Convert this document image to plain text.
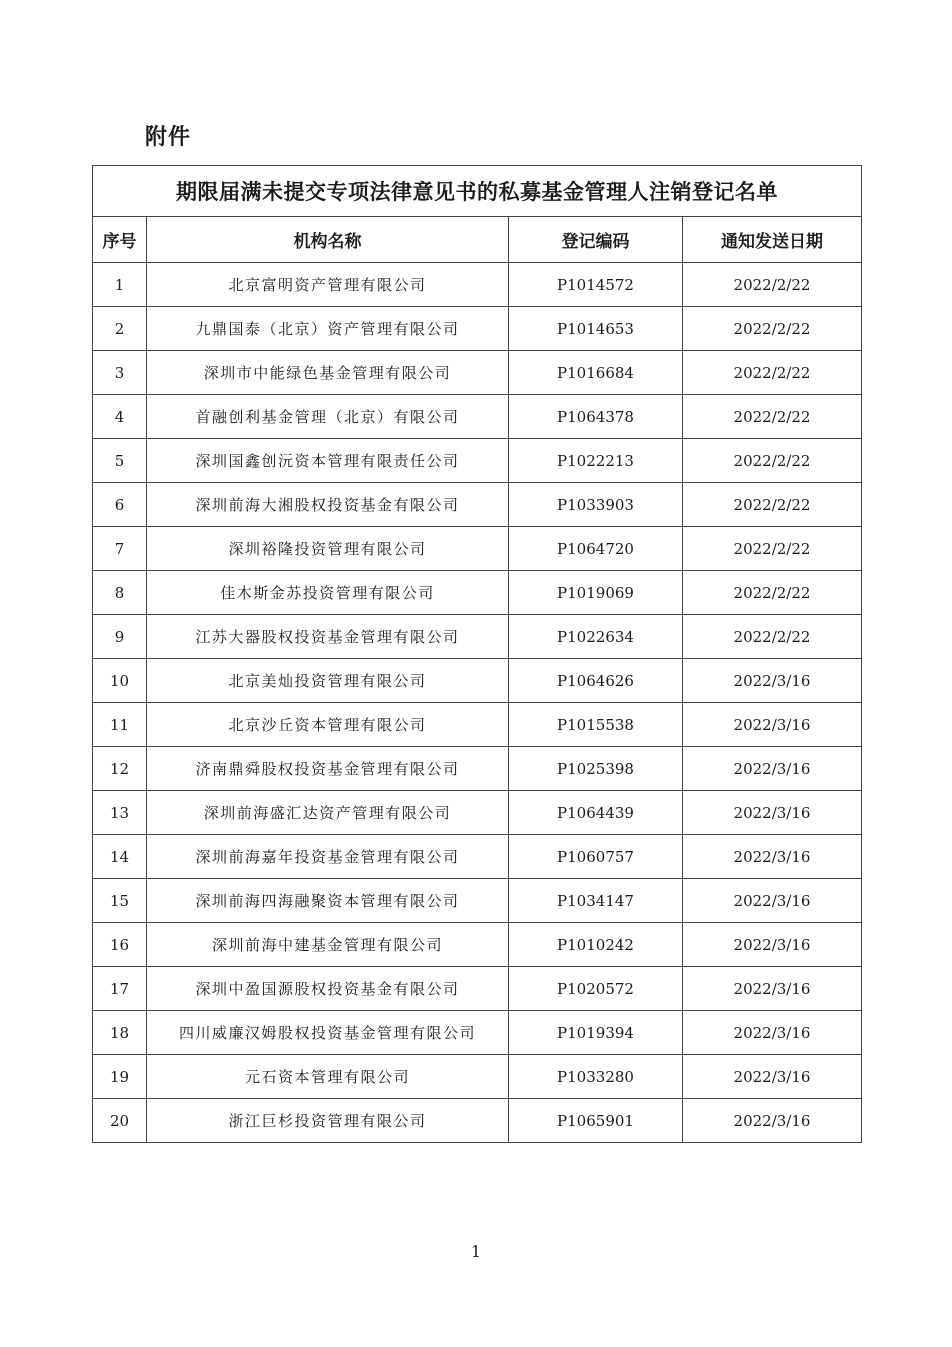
附件
期限届满未提交专项法律意见书的私募基金管理人注销登记名单			
序号	机构名称	登记编码	通知发送日期
1	北京富明资产管理有限公司	P1014572	2022/2/22
2	九鼎国泰（北京）资产管理有限公司	P1014653	2022/2/22
3	深圳市中能绿色基金管理有限公司	P1016684	2022/2/22
4	首融创利基金管理（北京）有限公司	P1064378	2022/2/22
5	深圳国鑫创沅资本管理有限责任公司	P1022213	2022/2/22
6	深圳前海大湘股权投资基金有限公司	P1033903	2022/2/22
7	深圳裕隆投资管理有限公司	P1064720	2022/2/22
8	佳木斯金苏投资管理有限公司	P1019069	2022/2/22
9	江苏大器股权投资基金管理有限公司	P1022634	2022/2/22
10	北京美灿投资管理有限公司	P1064626	2022/3/16
11	北京沙丘资本管理有限公司	P1015538	2022/3/16
12	济南鼎舜股权投资基金管理有限公司	P1025398	2022/3/16
13	深圳前海盛汇达资产管理有限公司	P1064439	2022/3/16
14	深圳前海嘉年投资基金管理有限公司	P1060757	2022/3/16
15	深圳前海四海融聚资本管理有限公司	P1034147	2022/3/16
16	深圳前海中建基金管理有限公司	P1010242	2022/3/16
17	深圳中盈国源股权投资基金有限公司	P1020572	2022/3/16
18	四川威廉汉姆股权投资基金管理有限公司	P1019394	2022/3/16
19	元石资本管理有限公司	P1033280	2022/3/16
20	浙江巨杉投资管理有限公司	P1065901	2022/3/16
1
